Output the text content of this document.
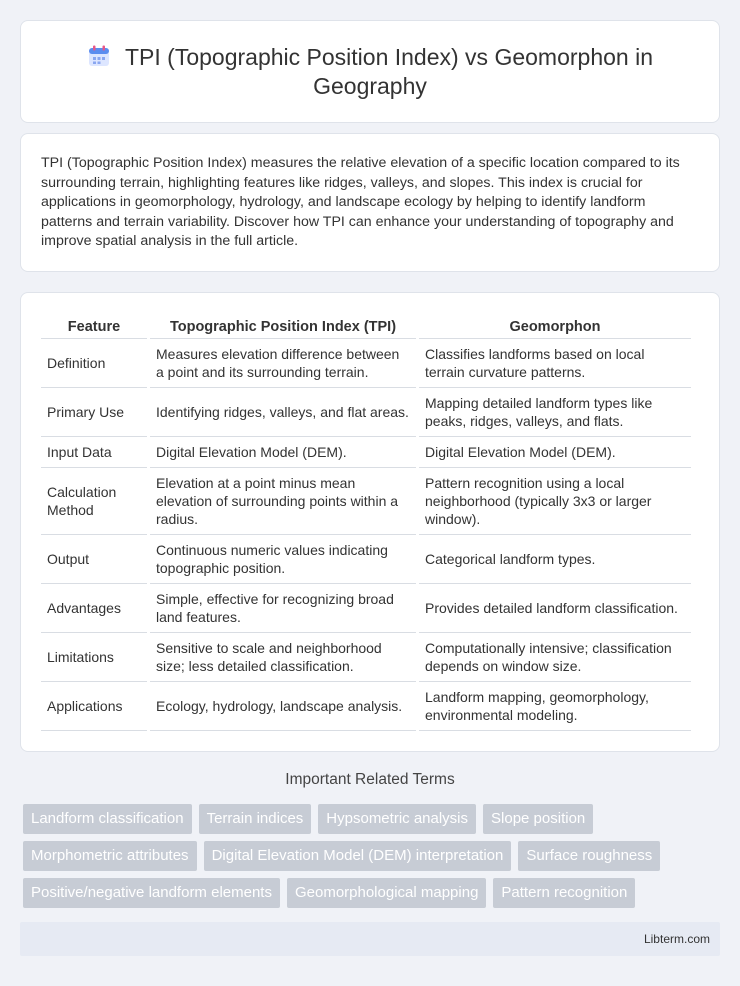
TPI (Topographic Position Index) vs Geomorphon in Geography

TPI (Topographic Position Index) measures the relative elevation of a specific location compared to its surrounding terrain, highlighting features like ridges, valleys, and slopes. This index is crucial for applications in geomorphology, hydrology, and landscape ecology by helping to identify landform patterns and terrain variability. Discover how TPI can enhance your understanding of topography and improve spatial analysis in the full article.

Feature	Topographic Position Index (TPI)	Geomorphon
Definition	Measures elevation difference between a point and its surrounding terrain.	Classifies landforms based on local terrain curvature patterns.
Primary Use	Identifying ridges, valleys, and flat areas.	Mapping detailed landform types like peaks, ridges, valleys, and flats.
Input Data	Digital Elevation Model (DEM).	Digital Elevation Model (DEM).
Calculation Method	Elevation at a point minus mean elevation of surrounding points within a radius.	Pattern recognition using a local neighborhood (typically 3x3 or larger window).
Output	Continuous numeric values indicating topographic position.	Categorical landform types.
Advantages	Simple, effective for recognizing broad land features.	Provides detailed landform classification.
Limitations	Sensitive to scale and neighborhood size; less detailed classification.	Computationally intensive; classification depends on window size.
Applications	Ecology, hydrology, landscape analysis.	Landform mapping, geomorphology, environmental modeling.
Important Related Terms
Landform classification	Terrain indices	Hypsometric analysis	Slope position
Morphometric attributes	Digital Elevation Model (DEM) interpretation	Surface roughness
Positive/negative landform elements	Geomorphological mapping	Pattern recognition
Libterm.com
